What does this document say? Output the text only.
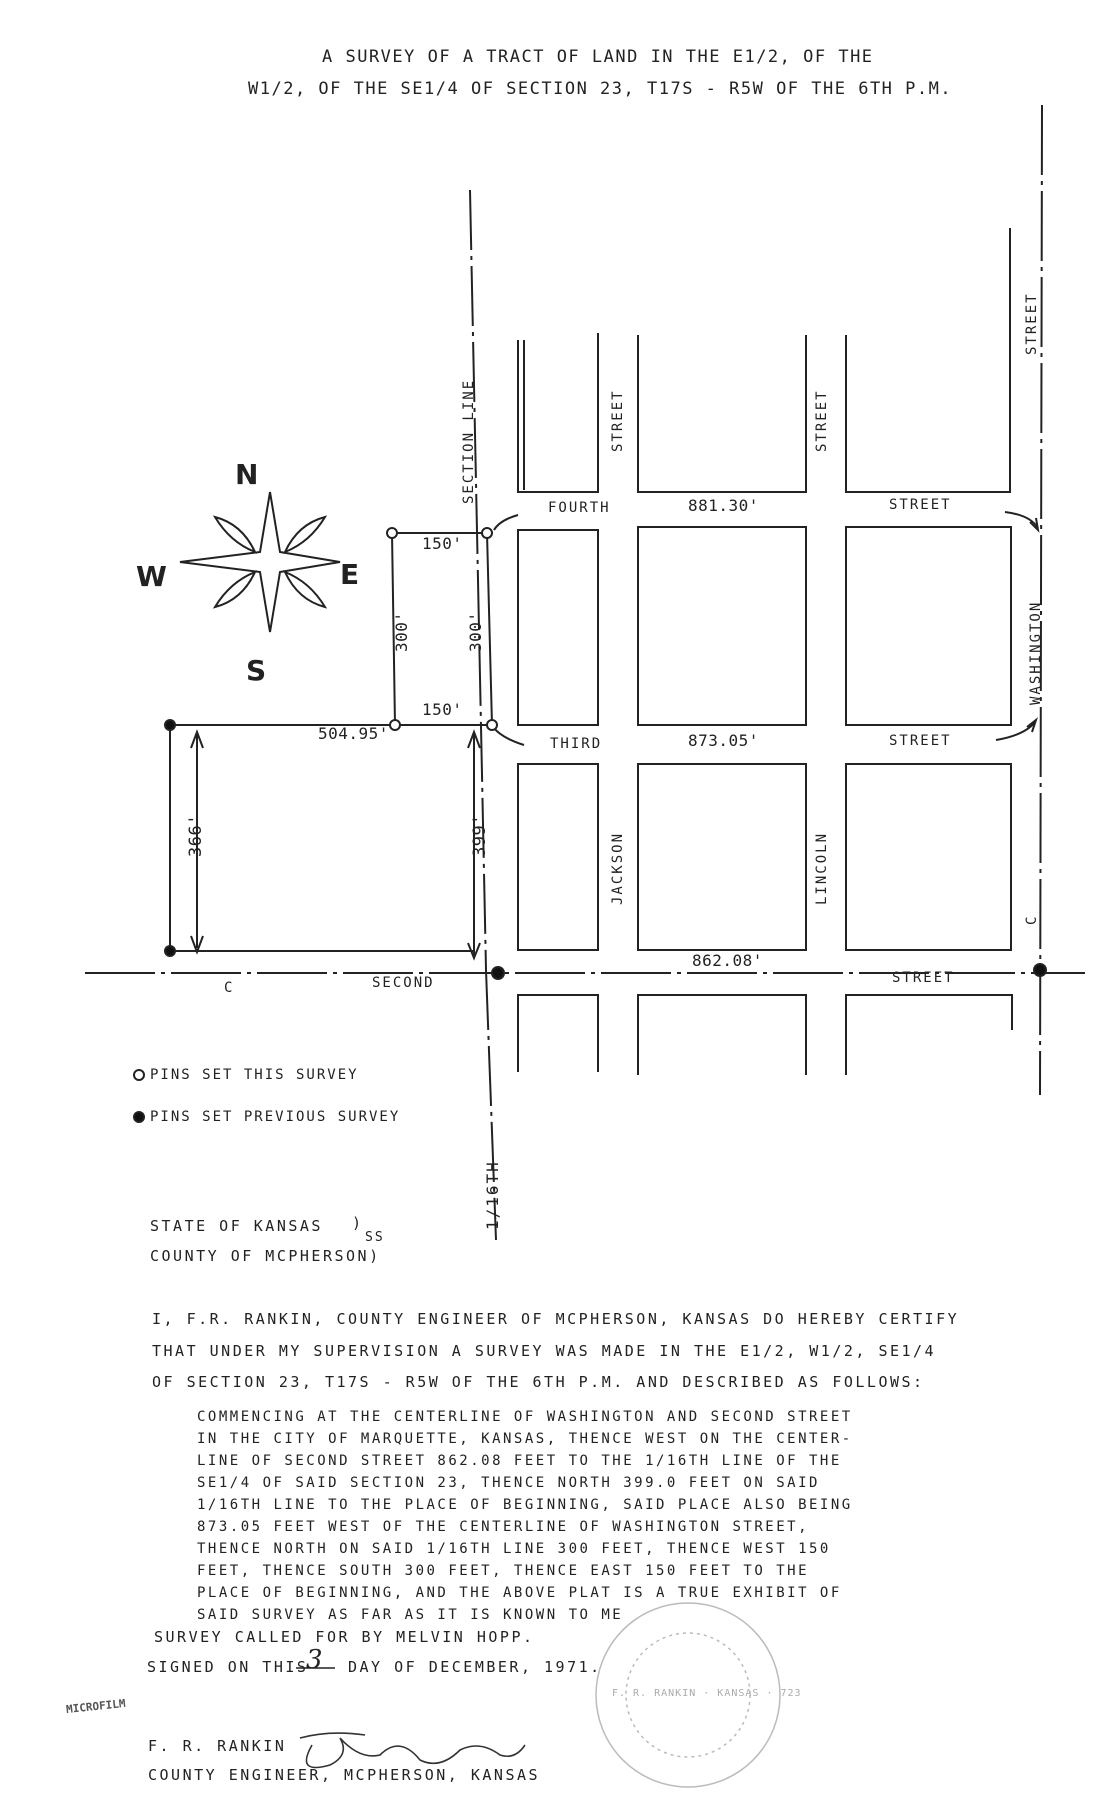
A SURVEY OF A TRACT OF LAND IN THE E1/2, OF THE
W1/2, OF THE SE1/4 OF SECTION 23, T17S - R5W OF THE 6TH P.M.
N
E
S
W
SECTION LINE	STREET	STREET
STREET
FOURTH	STREET
THIRD	STREET
JACKSON	LINCOLN
WASHINGTON
SECOND	STREET
1/16TH
C
C
881.30'
873.05'
862.08'
150'
150'
300'	300'
504.95'
366'	399'
PINS SET THIS SURVEY
PINS SET PREVIOUS SURVEY
STATE OF KANSAS )
SS
COUNTY OF MCPHERSON)
I, F.R. RANKIN, COUNTY ENGINEER OF MCPHERSON, KANSAS DO HEREBY CERTIFY
THAT UNDER MY SUPERVISION A SURVEY WAS MADE IN THE E1/2, W1/2, SE1/4
OF SECTION 23, T17S - R5W OF THE 6TH P.M. AND DESCRIBED AS FOLLOWS:
COMMENCING AT THE CENTERLINE OF WASHINGTON AND SECOND STREET
IN THE CITY OF MARQUETTE, KANSAS, THENCE WEST ON THE CENTER-
LINE OF SECOND STREET 862.08 FEET TO THE 1/16TH LINE OF THE
SE1/4 OF SAID SECTION 23, THENCE NORTH 399.0 FEET ON SAID
1/16TH LINE TO THE PLACE OF BEGINNING, SAID PLACE ALSO BEING
873.05 FEET WEST OF THE CENTERLINE OF WASHINGTON STREET,
THENCE NORTH ON SAID 1/16TH LINE 300 FEET, THENCE WEST 150
FEET, THENCE SOUTH 300 FEET, THENCE EAST 150 FEET TO THE
PLACE OF BEGINNING, AND THE ABOVE PLAT IS A TRUE EXHIBIT OF
SAID SURVEY AS FAR AS IT IS KNOWN TO ME
SURVEY CALLED FOR BY MELVIN HOPP.
SIGNED ON THIS
3 DAY OF DECEMBER, 1971.
MICROFILM
F. R. RANKIN
COUNTY ENGINEER, MCPHERSON, KANSAS
F. R. RANKIN · KANSAS · 723
